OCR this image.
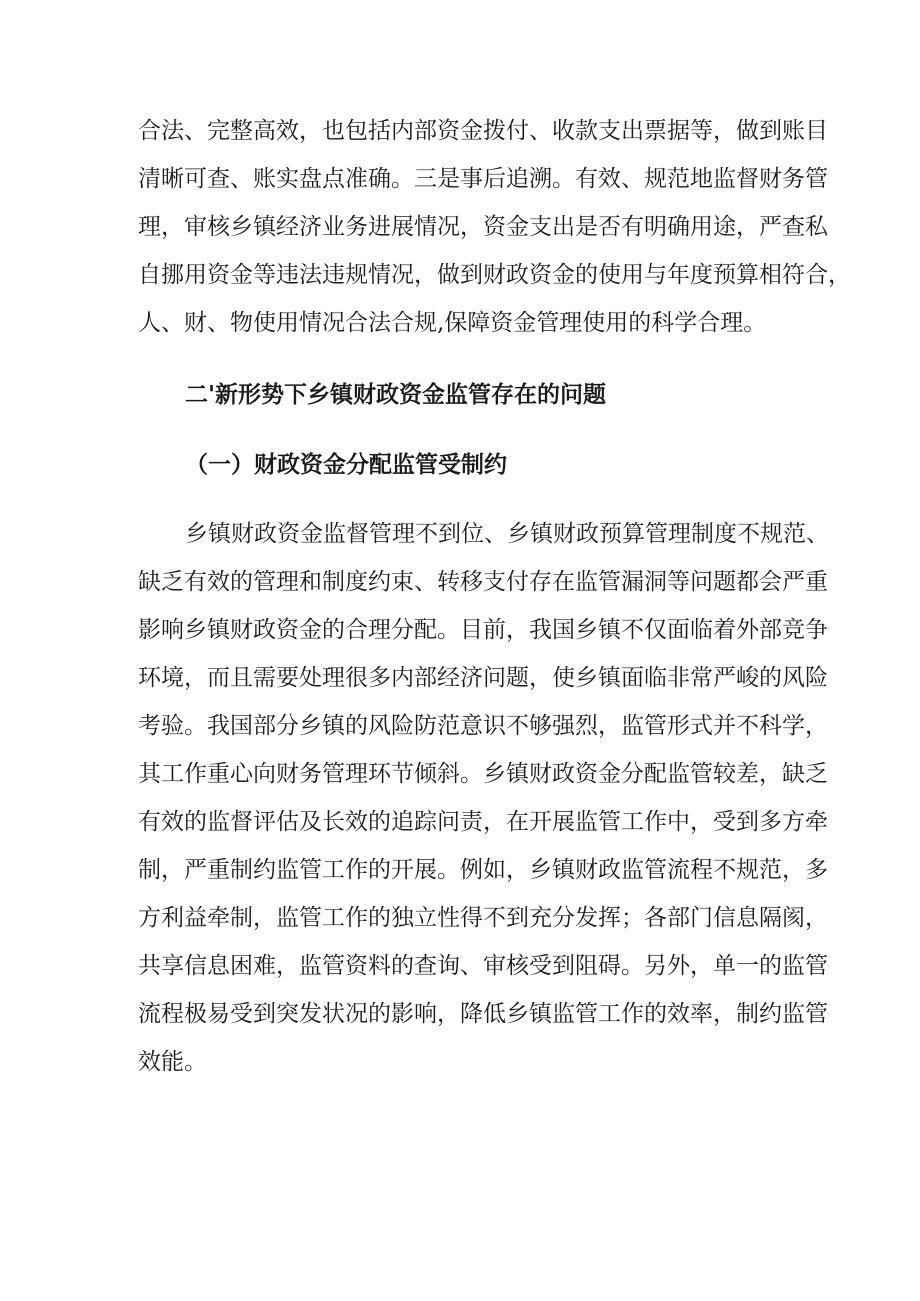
合法、完整高效，也包括内部资金拨付、收款支出票据等，做到账目
清晰可查、账实盘点准确。三是事后追溯。有效、规范地监督财务管
理，审核乡镇经济业务进展情况，资金支出是否有明确用途，严查私
自挪用资金等违法违规情况，做到财政资金的使用与年度预算相符合，
人、财、物使用情况合法合规,保障资金管理使用的科学合理。
二'新形势下乡镇财政资金监管存在的问题
（一）财政资金分配监管受制约
乡镇财政资金监督管理不到位、乡镇财政预算管理制度不规范、
缺乏有效的管理和制度约束、转移支付存在监管漏洞等问题都会严重
影响乡镇财政资金的合理分配。目前，我国乡镇不仅面临着外部竞争
环境，而且需要处理很多内部经济问题，使乡镇面临非常严峻的风险
考验。我国部分乡镇的风险防范意识不够强烈，监管形式并不科学，
其工作重心向财务管理环节倾斜。乡镇财政资金分配监管较差，缺乏
有效的监督评估及长效的追踪问责，在开展监管工作中，受到多方牵
制，严重制约监管工作的开展。例如，乡镇财政监管流程不规范，多
方利益牵制，监管工作的独立性得不到充分发挥；各部门信息隔阂，
共享信息困难，监管资料的查询、审核受到阻碍。另外，单一的监管
流程极易受到突发状况的影响，降低乡镇监管工作的效率，制约监管
效能。
